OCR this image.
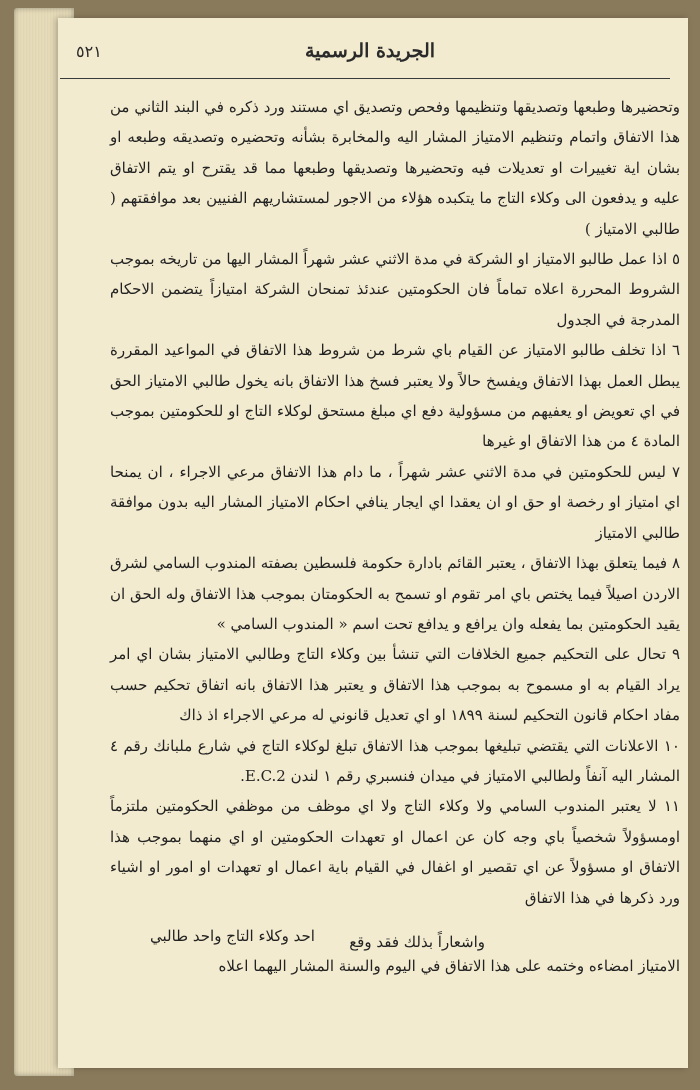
الجريدة الرسمية
٥٢١

وتحضيرها وطبعها وتصديقها وتنظيمها وفحص وتصديق اي مستند ورد ذكره في البند الثاني من هذا الاتفاق واتمام وتنظيم الامتياز المشار اليه والمخابرة بشأنه وتحضيره وتصديقه وطبعه او بشان اية تغييرات او تعديلات فيه وتحضيرها وتصديقها وطبعها مما قد يقترح او يتم الاتفاق عليه و يدفعون الى وكلاء التاج ما يتكبده هؤلاء من الاجور لمستشاريهم الفنيين بعد موافقتهم ( طالبي الامتياز )

٥ اذا عمل طالبو الامتياز او الشركة في مدة الاثني عشر شهراً المشار اليها من تاريخه بموجب الشروط المحررة اعلاه تماماً فان الحكومتين عندئذ تمنحان الشركة امتيازاً يتضمن الاحكام المدرجة في الجدول

٦ اذا تخلف طالبو الامتياز عن القيام باي شرط من شروط هذا الاتفاق في المواعيد المقررة يبطل العمل بهذا الاتفاق ويفسخ حالاً ولا يعتبر فسخ هذا الاتفاق بانه يخول طالبي الامتياز الحق في اي تعويض او يعفيهم من مسؤولية دفع اي مبلغ مستحق لوكلاء التاج او للحكومتين بموجب المادة ٤ من هذا الاتفاق او غيرها

٧ ليس للحكومتين في مدة الاثني عشر شهراً ، ما دام هذا الاتفاق مرعي الاجراء ، ان يمنحا اي امتياز او رخصة او حق او ان يعقدا اي ايجار ينافي احكام الامتياز المشار اليه بدون موافقة طالبي الامتياز

٨ فيما يتعلق بهذا الاتفاق ، يعتبر القائم بادارة حكومة فلسطين بصفته المندوب السامي لشرق الاردن اصيلاً فيما يختص باي امر تقوم او تسمح به الحكومتان بموجب هذا الاتفاق وله الحق ان يقيد الحكومتين بما يفعله وان يرافع و يدافع تحت اسم « المندوب السامي »

٩ تحال على التحكيم جميع الخلافات التي تنشأ بين وكلاء التاج وطالبي الامتياز بشان اي امر يراد القيام به او مسموح به بموجب هذا الاتفاق و يعتبر هذا الاتفاق بانه اتفاق تحكيم حسب مفاد احكام قانون التحكيم لسنة ١٨٩٩ او اي تعديل قانوني له مرعي الاجراء اذ ذاك

١٠ الاعلانات التي يقتضي تبليغها بموجب هذا الاتفاق تبلغ لوكلاء التاج في شارع ملبانك رقم ٤ المشار اليه آنفاً ولطالبي الامتياز في ميدان فنسبري رقم ١ لندن E.C.2.

١١ لا يعتبر المندوب السامي ولا وكلاء التاج ولا اي موظف من موظفي الحكومتين ملتزماً اومسؤولاً شخصياً باي وجه كان عن اعمال او تعهدات الحكومتين او اي منهما بموجب هذا الاتفاق او مسؤولاً عن اي تقصير او اغفال في القيام باية اعمال او تعهدات او امور او اشياء ورد ذكرها في هذا الاتفاق

واشعاراً بذلك فقد وقع
احد وكلاء التاج واحد طالبي
الامتياز امضاءه وختمه على هذا الاتفاق في اليوم والسنة المشار اليهما اعلاه
